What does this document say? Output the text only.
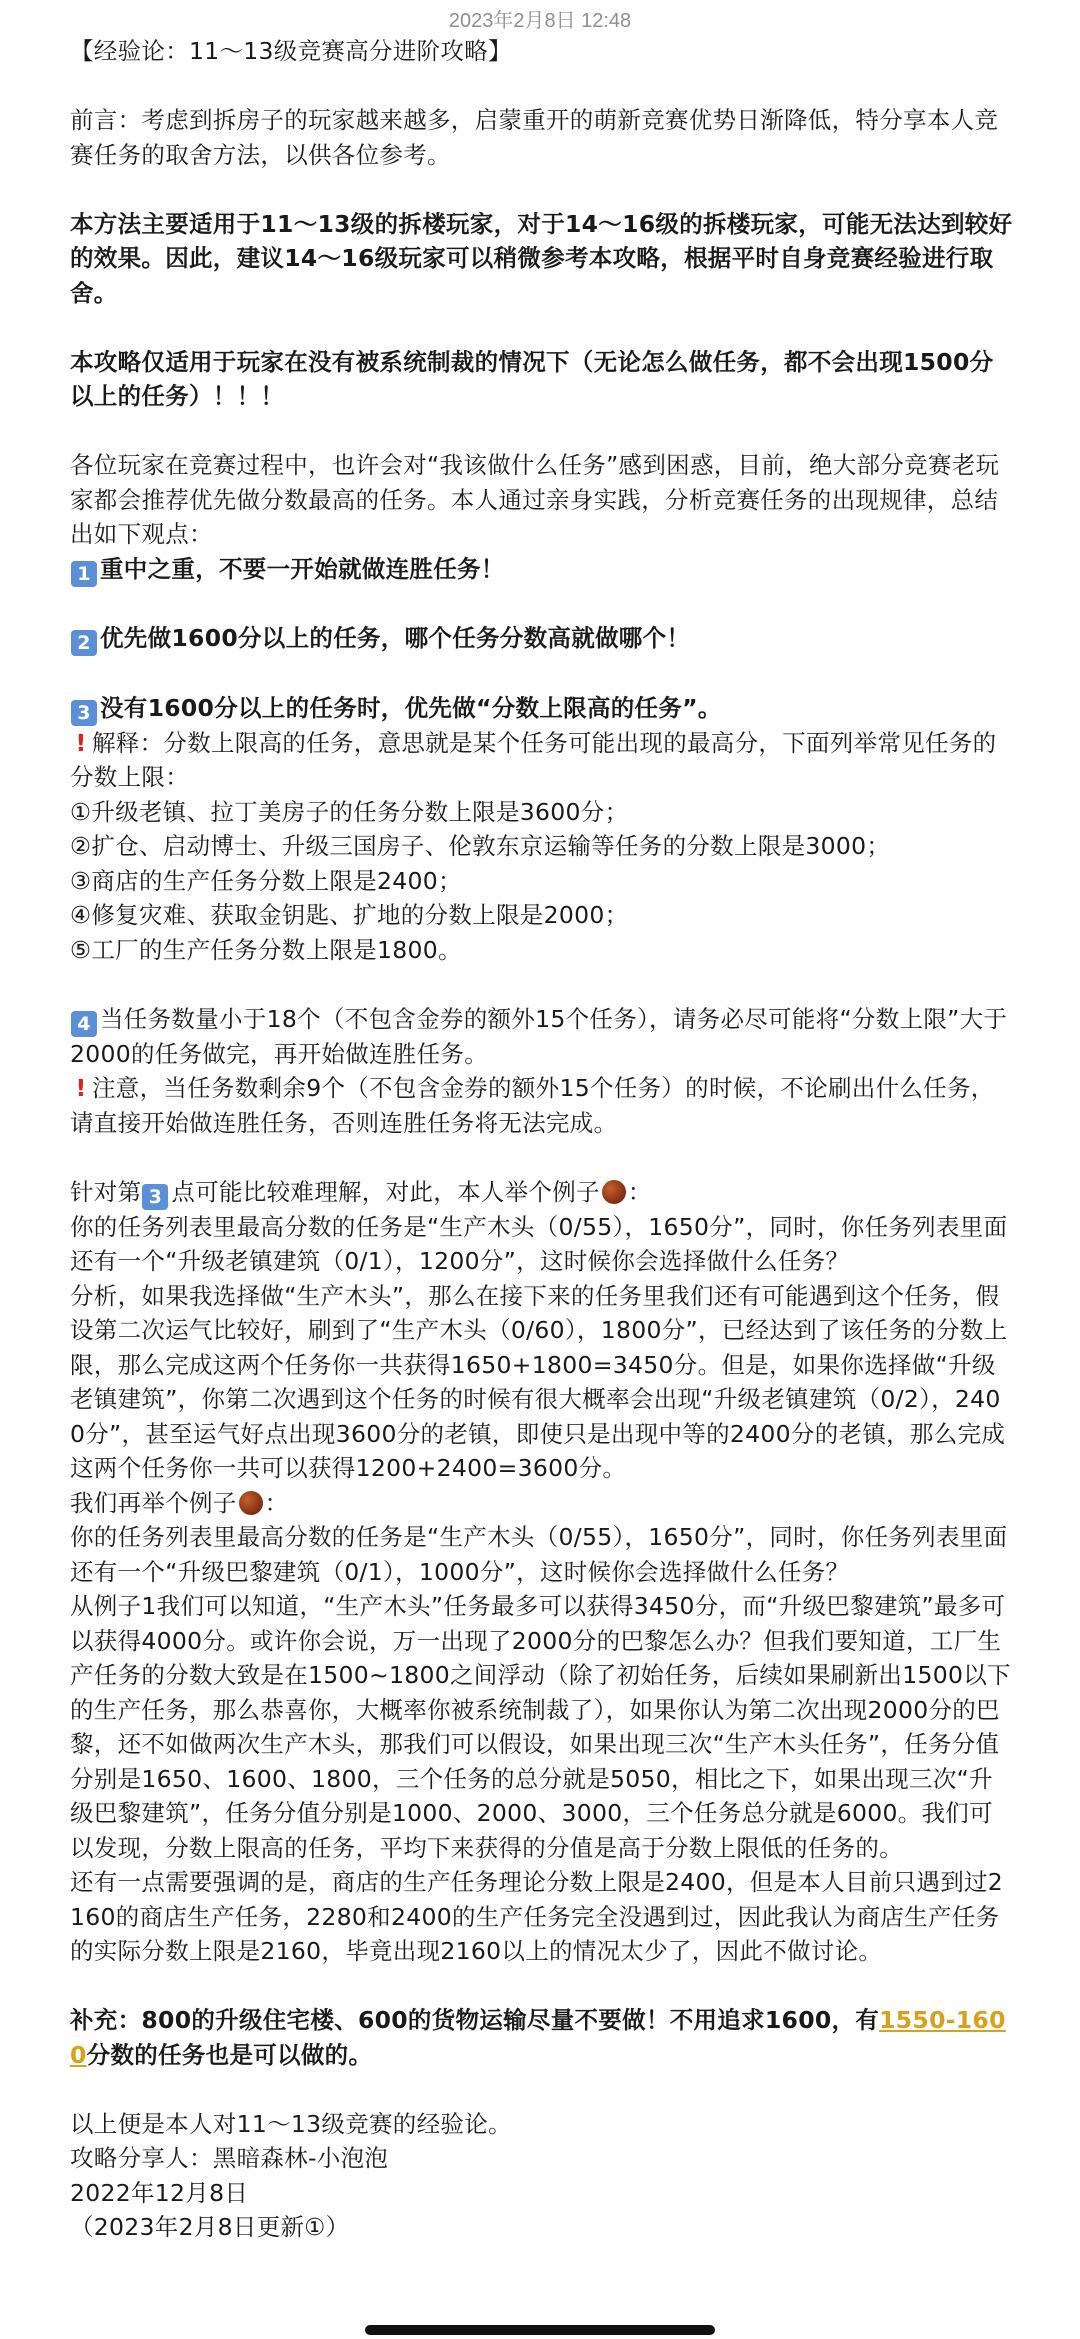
2023年2月8日 12:48

【经验论：11～13级竞赛高分进阶攻略】

前言：考虑到拆房子的玩家越来越多，启蒙重开的萌新竞赛优势日渐降低，特分享本人竞赛任务的取舍方法，以供各位参考。

本方法主要适用于11～13级的拆楼玩家，对于14～16级的拆楼玩家，可能无法达到较好的效果。因此，建议14～16级玩家可以稍微参考本攻略，根据平时自身竞赛经验进行取舍。

本攻略仅适用于玩家在没有被系统制裁的情况下（无论怎么做任务，都不会出现1500分以上的任务）！！！

各位玩家在竞赛过程中，也许会对“我该做什么任务”感到困惑，目前，绝大部分竞赛老玩家都会推荐优先做分数最高的任务。本人通过亲身实践，分析竞赛任务的出现规律，总结出如下观点：

1 重中之重，不要一开始就做连胜任务！

2 优先做1600分以上的任务，哪个任务分数高就做哪个！

3 没有1600分以上的任务时，优先做“分数上限高的任务”。

! 解释：分数上限高的任务，意思就是某个任务可能出现的最高分，下面列举常见任务的分数上限：

①升级老镇、拉丁美房子的任务分数上限是3600分；

②扩仓、启动博士、升级三国房子、伦敦东京运输等任务的分数上限是3000；

③商店的生产任务分数上限是2400；

④修复灾难、获取金钥匙、扩地的分数上限是2000；

⑤工厂的生产任务分数上限是1800。

4 当任务数量小于18个（不包含金券的额外15个任务），请务必尽可能将“分数上限”大于2000的任务做完，再开始做连胜任务。

! 注意，当任务数剩余9个（不包含金券的额外15个任务）的时候，不论刷出什么任务，请直接开始做连胜任务，否则连胜任务将无法完成。

针对第 3 点可能比较难理解，对此，本人举个例子 ：

你的任务列表里最高分数的任务是“生产木头（0/55），1650分”，同时，你任务列表里面还有一个“升级老镇建筑（0/1），1200分”，这时候你会选择做什么任务？

分析，如果我选择做“生产木头”，那么在接下来的任务里我们还有可能遇到这个任务，假设第二次运气比较好，刷到了“生产木头（0/60），1800分”，已经达到了该任务的分数上限，那么完成这两个任务你一共获得1650+1800=3450分。但是，如果你选择做“升级老镇建筑”，你第二次遇到这个任务的时候有很大概率会出现“升级老镇建筑（0/2），2400分”，甚至运气好点出现3600分的老镇，即使只是出现中等的2400分的老镇，那么完成这两个任务你一共可以获得1200+2400=3600分。

我们再举个例子 ：

你的任务列表里最高分数的任务是“生产木头（0/55），1650分”，同时，你任务列表里面还有一个“升级巴黎建筑（0/1），1000分”，这时候你会选择做什么任务？

从例子1我们可以知道，“生产木头”任务最多可以获得3450分，而“升级巴黎建筑”最多可以获得4000分。或许你会说，万一出现了2000分的巴黎怎么办？但我们要知道，工厂生产任务的分数大致是在1500~1800之间浮动（除了初始任务，后续如果刷新出1500以下的生产任务，那么恭喜你，大概率你被系统制裁了），如果你认为第二次出现2000分的巴黎，还不如做两次生产木头，那我们可以假设，如果出现三次“生产木头任务”，任务分值分别是1650、1600、1800，三个任务的总分就是5050，相比之下，如果出现三次“升级巴黎建筑”，任务分值分别是1000、2000、3000，三个任务总分就是6000。我们可以发现，分数上限高的任务，平均下来获得的分值是高于分数上限低的任务的。

还有一点需要强调的是，商店的生产任务理论分数上限是2400，但是本人目前只遇到过2160的商店生产任务，2280和2400的生产任务完全没遇到过，因此我认为商店生产任务的实际分数上限是2160，毕竟出现2160以上的情况太少了，因此不做讨论。

补充：800的升级住宅楼、600的货物运输尽量不要做！不用追求1600，有1550-1600分数的任务也是可以做的。

以上便是本人对11～13级竞赛的经验论。

攻略分享人：黑暗森林-小泡泡

2022年12月8日

（2023年2月8日更新①）
